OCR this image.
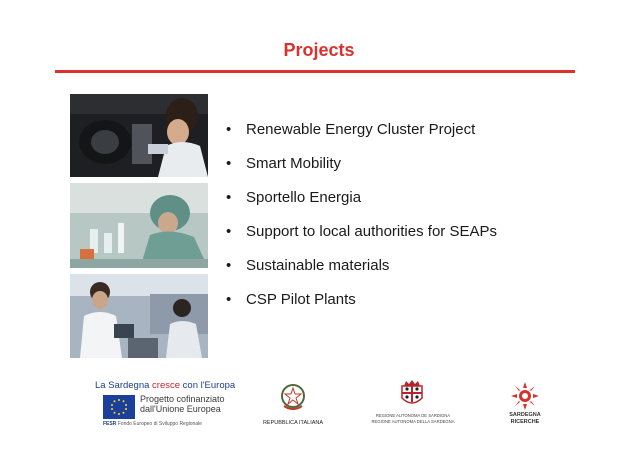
Projects
• Renewable Energy Cluster Project
• Smart Mobility
• Sportello Energia
• Support to local authorities for SEAPs
• Sustainable materials
• CSP Pilot Plants
La Sardegna cresce con l'Europa
Progetto cofinanziato
dall'Unione Europea
FESR Fondo Europeo di Sviluppo Regionale	REPUBBLICA ITALIANA
REGIONE AUTÒNOMA DE SARDIGNA
REGIONE AUTONOMA DELLA SARDEGNA
SARDEGNA
RICERCHE
